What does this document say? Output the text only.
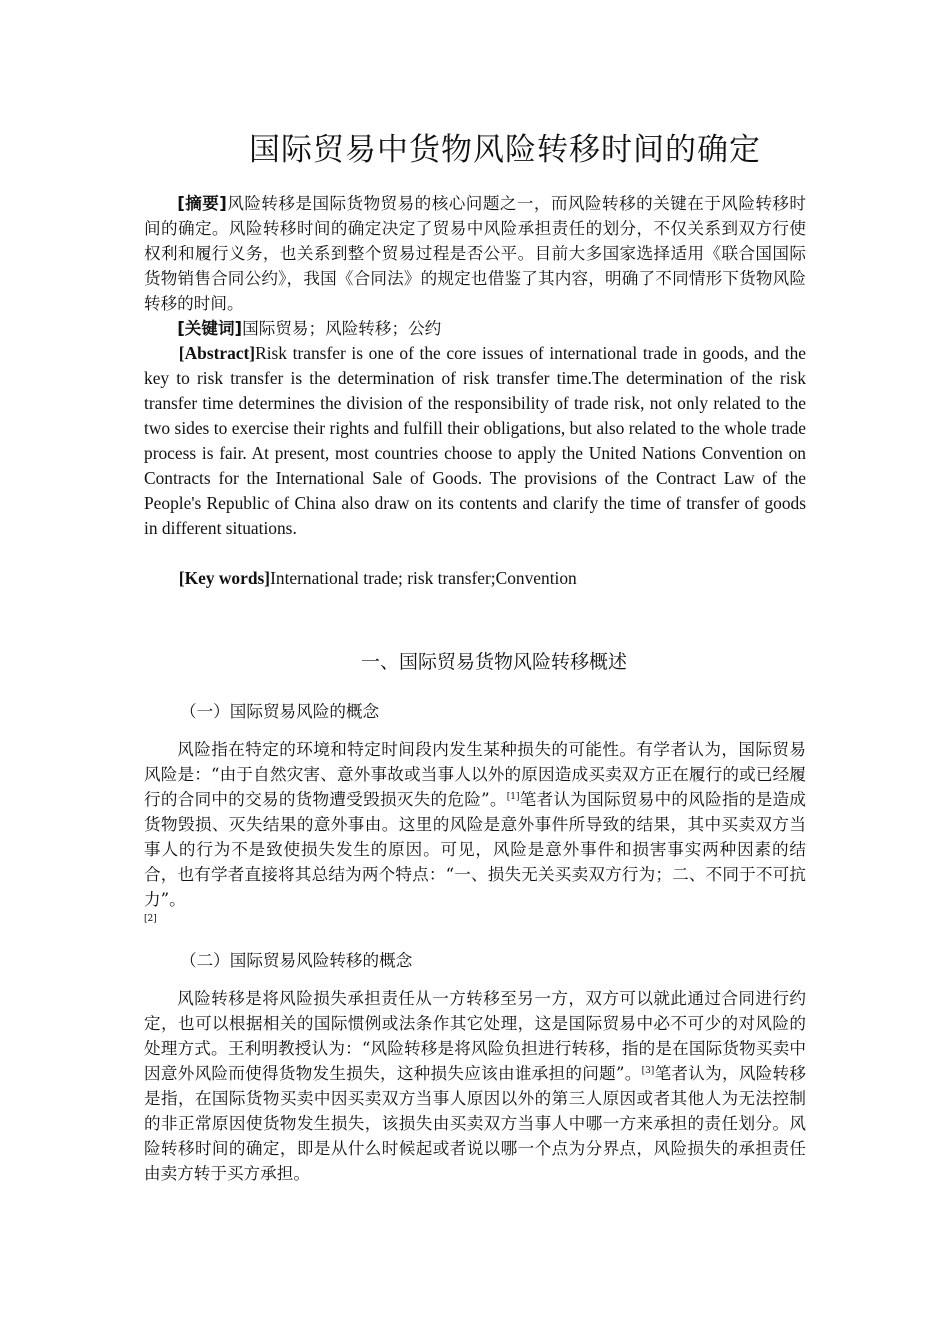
国际贸易中货物风险转移时间的确定
[摘要]风险转移是国际货物贸易的核心问题之一，而风险转移的关键在于风险转移时间的确定。风险转移时间的确定决定了贸易中风险承担责任的划分，不仅关系到双方行使权利和履行义务，也关系到整个贸易过程是否公平。目前大多国家选择适用《联合国国际货物销售合同公约》，我国《合同法》的规定也借鉴了其内容，明确了不同情形下货物风险转移的时间。
[关键词]国际贸易；风险转移；公约
[Abstract]Risk transfer is one of the core issues of international trade in goods, and the key to risk transfer is the determination of risk transfer time.The determination of the risk transfer time determines the division of the responsibility of trade risk, not only related to the two sides to exercise their rights and fulfill their obligations, but also related to the whole trade process is fair. At present, most countries choose to apply the United Nations Convention on Contracts for the International Sale of Goods. The provisions of the Contract Law of the People's Republic of China also draw on its contents and clarify the time of transfer of goods in different situations.
[Key words]International trade; risk transfer;Convention
一、国际贸易货物风险转移概述
（一）国际贸易风险的概念
风险指在特定的环境和特定时间段内发生某种损失的可能性。有学者认为，国际贸易风险是：“由于自然灾害、意外事故或当事人以外的原因造成买卖双方正在履行的或已经履行的合同中的交易的货物遭受毁损灭失的危险”。[1]笔者认为国际贸易中的风险指的是造成货物毁损、灭失结果的意外事由。这里的风险是意外事件所导致的结果，其中买卖双方当事人的行为不是致使损失发生的原因。可见，风险是意外事件和损害事实两种因素的结合，也有学者直接将其总结为两个特点：“一、损失无关买卖双方行为；二、不同于不可抗力”。
[2]
（二）国际贸易风险转移的概念
风险转移是将风险损失承担责任从一方转移至另一方，双方可以就此通过合同进行约定，也可以根据相关的国际惯例或法条作其它处理，这是国际贸易中必不可少的对风险的处理方式。王利明教授认为：“风险转移是将风险负担进行转移，指的是在国际货物买卖中因意外风险而使得货物发生损失，这种损失应该由谁承担的问题”。[3]笔者认为，风险转移是指，在国际货物买卖中因买卖双方当事人原因以外的第三人原因或者其他人为无法控制的非正常原因使货物发生损失，该损失由买卖双方当事人中哪一方来承担的责任划分。风险转移时间的确定，即是从什么时候起或者说以哪一个点为分界点，风险损失的承担责任由卖方转于买方承担。
